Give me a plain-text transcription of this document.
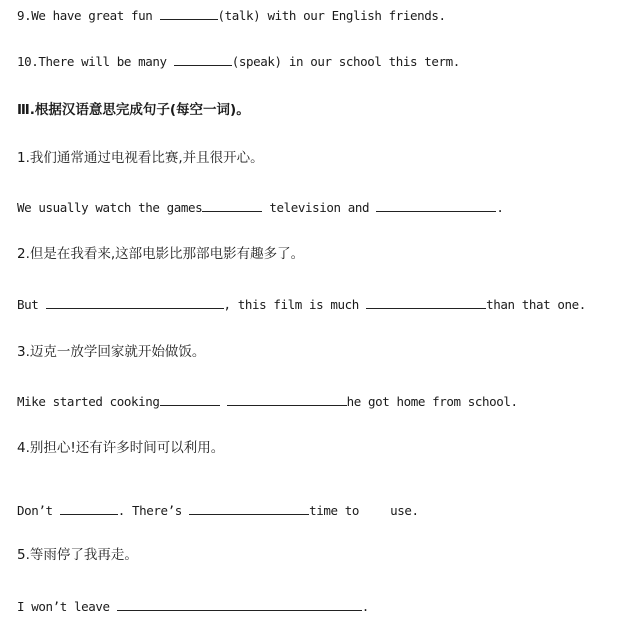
9.We have great fun	(talk) with our English friends.
10.There will be many	(speak) in our school this term.
Ⅲ.根据汉语意思完成句子(每空一词)。
1.我们通常通过电视看比赛,并且很开心。
We usually watch the games	television and	.
2.但是在我看来,这部电影比那部电影有趣多了。
But	, this film is much	than that one.
3.迈克一放学回家就开始做饭。
Mike started cooking	he got home from school.
4.别担心!还有许多时间可以利用。
Don’t	. There’s	time to use.
5.等雨停了我再走。
I won’t leave	.
